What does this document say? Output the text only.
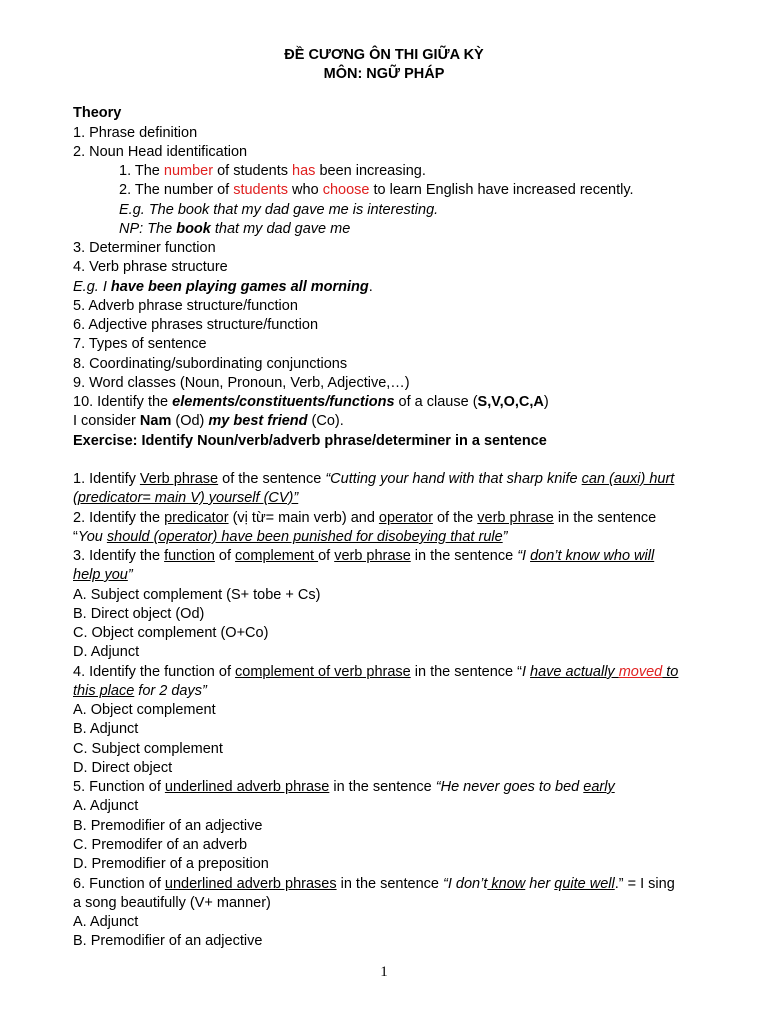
ĐỀ CƯƠNG ÔN THI GIỮA KỲ
MÔN: NGỮ PHÁP
Theory
1. Phrase definition
2. Noun Head identification
1. The number of students has been increasing.
2. The number of students who choose to learn English have increased recently.
E.g. The book that my dad gave me is interesting.
NP: The book that my dad gave me
3. Determiner function
4. Verb phrase structure
E.g. I have been playing games all morning.
5. Adverb phrase structure/function
6. Adjective phrases structure/function
7. Types of sentence
8. Coordinating/subordinating conjunctions
9. Word classes (Noun, Pronoun, Verb, Adjective,…)
10. Identify the elements/constituents/functions of a clause (S,V,O,C,A)
I consider Nam (Od) my best friend (Co).
Exercise: Identify Noun/verb/adverb phrase/determiner in a sentence
1. Identify Verb phrase of the sentence “Cutting your hand with that sharp knife can (auxi) hurt
(predicator= main V) yourself (CV)”
2. Identify the predicator (vị từ= main verb) and operator of the verb phrase in the sentence
“You should (operator) have been punished for disobeying that rule”
3. Identify the function of complement of verb phrase in the sentence “I don’t know who will
help you”
A. Subject complement (S+ tobe + Cs)
B. Direct object (Od)
C. Object complement (O+Co)
D. Adjunct
4. Identify the function of complement of verb phrase in the sentence “I have actually moved to
this place for 2 days”
A. Object complement
B. Adjunct
C. Subject complement
D. Direct object
5. Function of underlined adverb phrase in the sentence “He never goes to bed early
A. Adjunct
B. Premodifier of an adjective
C. Premodifer of an adverb
D. Premodifier of a preposition
6. Function of underlined adverb phrases in the sentence “I don’t know her quite well.” = I sing
a song beautifully (V+ manner)
A. Adjunct
B. Premodifier of an adjective
1
